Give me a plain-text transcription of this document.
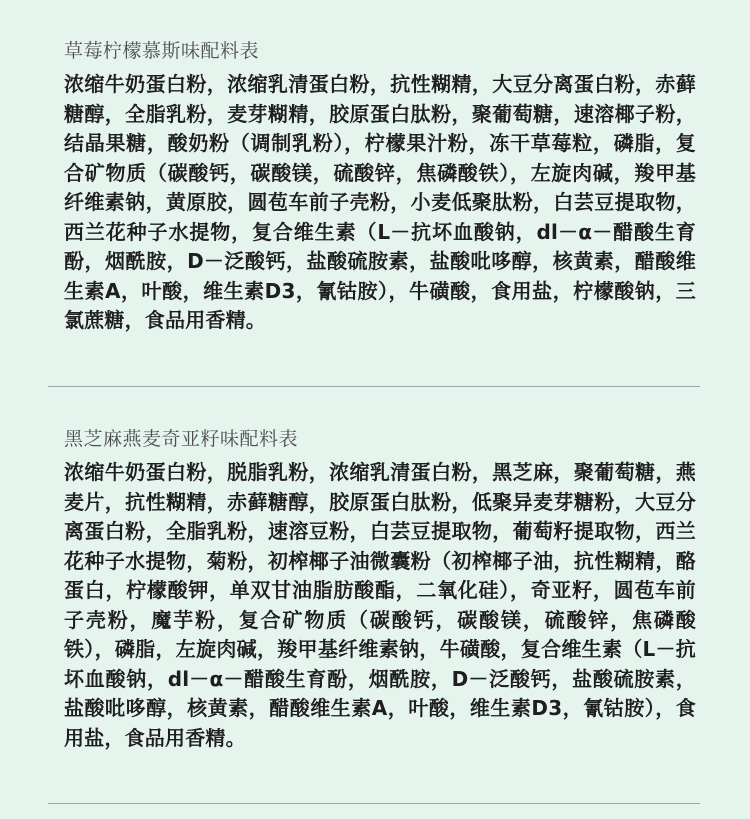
草莓柠檬慕斯味配料表

浓缩牛奶蛋白粉，浓缩乳清蛋白粉，抗性糊精，大豆分离蛋白粉，赤藓糖醇，全脂乳粉，麦芽糊精，胶原蛋白肽粉，聚葡萄糖，速溶椰子粉，结晶果糖，酸奶粉（调制乳粉），柠檬果汁粉，冻干草莓粒，磷脂，复合矿物质（碳酸钙，碳酸镁，硫酸锌，焦磷酸铁），左旋肉碱，羧甲基纤维素钠，黄原胶，圆苞车前子壳粉，小麦低聚肽粉，白芸豆提取物，西兰花种子水提物，复合维生素（L－抗坏血酸钠，dl－α－醋酸生育酚，烟酰胺，D－泛酸钙，盐酸硫胺素，盐酸吡哆醇，核黄素，醋酸维生素A，叶酸，维生素D3，氰钴胺），牛磺酸，食用盐，柠檬酸钠，三氯蔗糖，食品用香精。

黑芝麻燕麦奇亚籽味配料表

浓缩牛奶蛋白粉，脱脂乳粉，浓缩乳清蛋白粉，黑芝麻，聚葡萄糖，燕麦片，抗性糊精，赤藓糖醇，胶原蛋白肽粉，低聚异麦芽糖粉，大豆分离蛋白粉，全脂乳粉，速溶豆粉，白芸豆提取物，葡萄籽提取物，西兰花种子水提物，菊粉，初榨椰子油微囊粉（初榨椰子油，抗性糊精，酪蛋白，柠檬酸钾，单双甘油脂肪酸酯，二氧化硅），奇亚籽，圆苞车前子壳粉，魔芋粉，复合矿物质（碳酸钙，碳酸镁，硫酸锌，焦磷酸铁），磷脂，左旋肉碱，羧甲基纤维素钠，牛磺酸，复合维生素（L－抗坏血酸钠，dl－α－醋酸生育酚，烟酰胺，D－泛酸钙，盐酸硫胺素，盐酸吡哆醇，核黄素，醋酸维生素A，叶酸，维生素D3，氰钴胺），食用盐，食品用香精。
